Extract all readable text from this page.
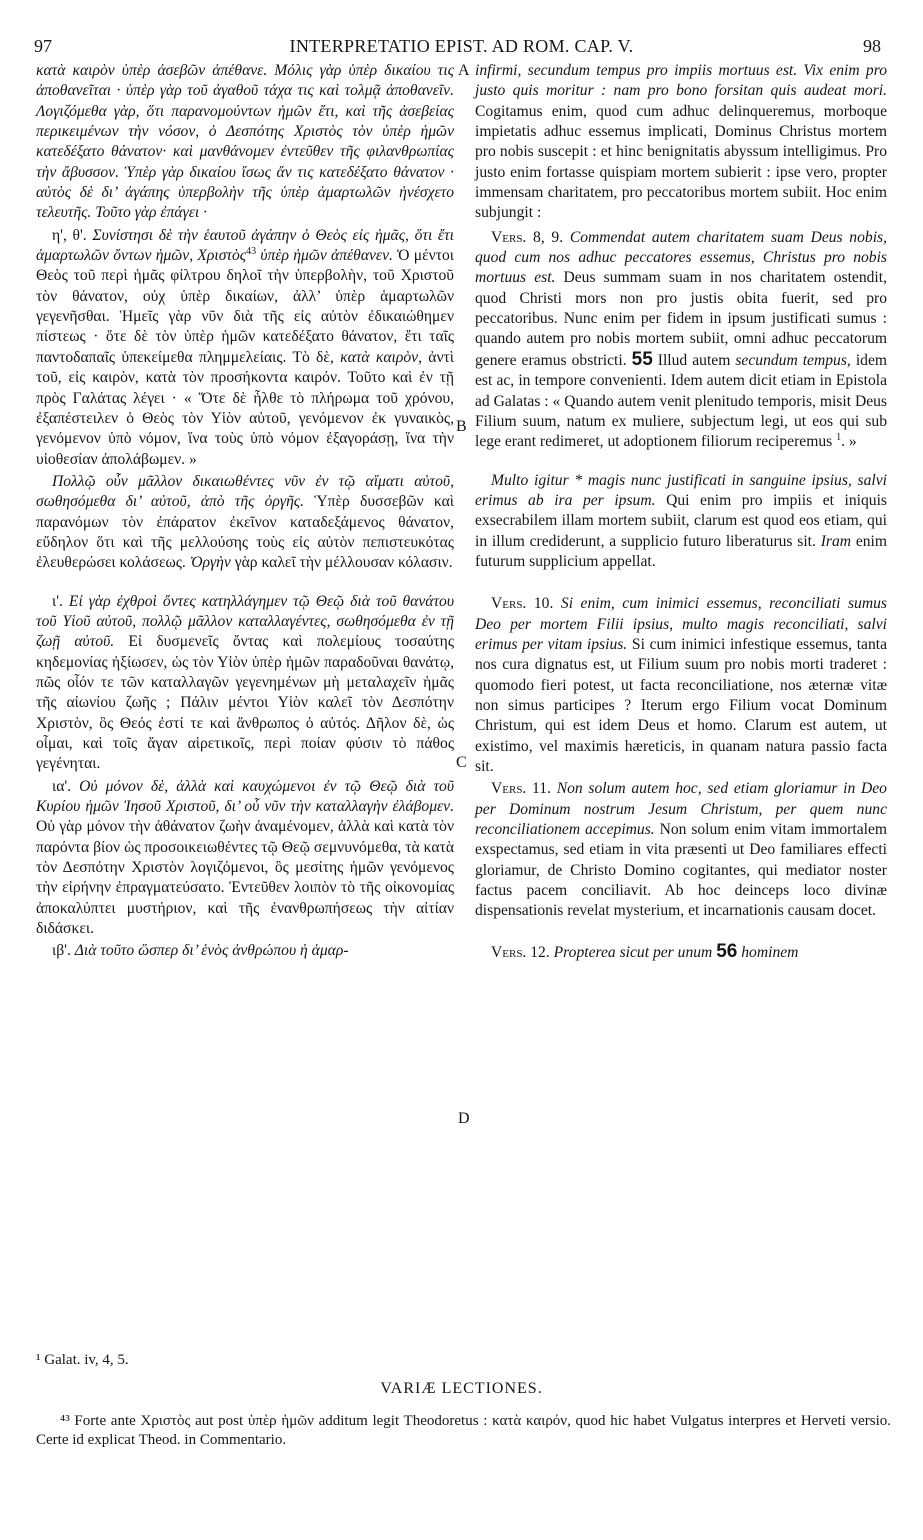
97	INTERPRETATIO EPIST. AD ROM. CAP. V.	98
A
B
C
D

κατὰ καιρὸν ὑπὲρ ἀσεβῶν ἀπέθανε. Μόλις γὰρ ὑπὲρ δικαίου τις ἀποθανεῖται · ὑπὲρ γὰρ τοῦ ἀγαθοῦ τάχα τις καὶ τολμᾷ ἀποθανεῖν. Λογιζόμεθα γὰρ, ὅτι παρανομούντων ἡμῶν ἔτι, καὶ τῆς ἀσεβείας περικειμένων τὴν νόσον, ὁ Δεσπότης Χριστὸς τὸν ὑπὲρ ἡμῶν κατεδέξατο θάνατον· καὶ μανθάνομεν ἐντεῦθεν τῆς φιλανθρωπίας τὴν ἄβυσσον. Ὑπὲρ γὰρ δικαίου ἴσως ἄν τις κατεδέξατο θάνατον · αὐτὸς δὲ δι’ ἀγάπης ὑπερβολὴν τῆς ὑπὲρ ἁμαρτωλῶν ἠνέσχετο τελευτῆς. Τοῦτο γὰρ ἐπάγει ·

η', θ'. Συνίστησι δὲ τὴν ἑαυτοῦ ἀγάπην ὁ Θεὸς εἰς ἡμᾶς, ὅτι ἔτι ἁμαρτωλῶν ὄντων ἡμῶν, Χριστὸς$^{43}$ ὑπὲρ ἡμῶν ἀπέθανεν. Ὁ μέντοι Θεὸς τοῦ περὶ ἡμᾶς φίλτρου δηλοῖ τὴν ὑπερβολὴν, τοῦ Χριστοῦ τὸν θάνατον, οὐχ ὑπὲρ δικαίων, ἀλλ’ ὑπὲρ ἁμαρτωλῶν γεγενῆσθαι. Ἡμεῖς γὰρ νῦν διὰ τῆς εἰς αὐτὸν ἐδικαιώθημεν πίστεως · ὅτε δὲ τὸν ὑπὲρ ἡμῶν κατεδέξατο θάνατον, ἔτι ταῖς παντοδαπαῖς ὑπεκείμεθα πλημμελείαις. Τὸ δὲ, κατὰ καιρὸν, ἀντὶ τοῦ, εἰς καιρὸν, κατὰ τὸν προσήκοντα καιρόν. Τοῦτο καὶ ἐν τῇ πρὸς Γαλάτας λέγει · « Ὅτε δὲ ἦλθε τὸ πλήρωμα τοῦ χρόνου, ἐξαπέστειλεν ὁ Θεὸς τὸν Υἱὸν αὐτοῦ, γενόμενον ἐκ γυναικὸς, γενόμενον ὑπὸ νόμον, ἵνα τοὺς ὑπὸ νόμον ἐξαγοράσῃ, ἵνα τὴν υἱοθεσίαν ἀπολάβωμεν. »

Πολλῷ οὖν μᾶλλον δικαιωθέντες νῦν ἐν τῷ αἵματι αὐτοῦ, σωθησόμεθα δι’ αὐτοῦ, ἀπὸ τῆς ὀργῆς. Ὑπὲρ δυσσεβῶν καὶ παρανόμων τὸν ἐπάρατον ἐκεῖνον καταδεξάμενος θάνατον, εὔδηλον ὅτι καὶ τῆς μελλούσης τοὺς εἰς αὐτὸν πεπιστευκότας ἐλευθερώσει κολάσεως. Ὀργὴν γὰρ καλεῖ τὴν μέλλουσαν κόλασιν.

ι'. Εἰ γὰρ ἐχθροὶ ὄντες κατηλλάγημεν τῷ Θεῷ διὰ τοῦ θανάτου τοῦ Υἱοῦ αὐτοῦ, πολλῷ μᾶλλον καταλλαγέντες, σωθησόμεθα ἐν τῇ ζωῇ αὐτοῦ. Εἰ δυσμενεῖς ὄντας καὶ πολεμίους τοσαύτης κηδεμονίας ἠξίωσεν, ὡς τὸν Υἱὸν ὑπὲρ ἡμῶν παραδοῦναι θανάτῳ, πῶς οἷόν τε τῶν καταλλαγῶν γεγενημένων μὴ μεταλαχεῖν ἡμᾶς τῆς αἰωνίου ζωῆς ; Πάλιν μέντοι Υἱὸν καλεῖ τὸν Δεσπότην Χριστὸν, ὃς Θεός ἐστί τε καὶ ἄνθρωπος ὁ αὐτός. Δῆλον δὲ, ὡς οἶμαι, καὶ τοῖς ἄγαν αἱρετικοῖς, περὶ ποίαν φύσιν τὸ πάθος γεγένηται.

ια'. Οὐ μόνον δὲ, ἀλλὰ καὶ καυχώμενοι ἐν τῷ Θεῷ διὰ τοῦ Κυρίου ἡμῶν Ἰησοῦ Χριστοῦ, δι’ οὗ νῦν τὴν καταλλαγὴν ἐλάβομεν. Οὐ γὰρ μόνον τὴν ἀθάνατον ζωὴν ἀναμένομεν, ἀλλὰ καὶ κατὰ τὸν παρόντα βίον ὡς προσοικειωθέντες τῷ Θεῷ σεμνυνόμεθα, τὰ κατὰ τὸν Δεσπότην Χριστὸν λογιζόμενοι, ὃς μεσίτης ἡμῶν γενόμενος τὴν εἰρήνην ἐπραγματεύσατο. Ἐντεῦθεν λοιπὸν τὸ τῆς οἰκονομίας ἀποκαλύπτει μυστήριον, καὶ τῆς ἐνανθρωπήσεως τὴν αἰτίαν διδάσκει.

ιβ'. Διὰ τοῦτο ὥσπερ δι’ ἑνὸς ἀνθρώπου ἡ ἁμαρ-

infirmi, secundum tempus pro impiis mortuus est. Vix enim pro justo quis moritur : nam pro bono forsitan quis audeat mori. Cogitamus enim, quod cum adhuc delinqueremus, morboque impietatis adhuc essemus implicati, Dominus Christus mortem pro nobis suscepit : et hinc benignitatis abyssum intelligimus. Pro justo enim fortasse quispiam mortem subierit : ipse vero, propter immensam charitatem, pro peccatoribus mortem subiit. Hoc enim subjungit :

Vers. 8, 9. Commendat autem charitatem suam Deus nobis, quod cum nos adhuc peccatores essemus, Christus pro nobis mortuus est. Deus summam suam in nos charitatem ostendit, quod Christi mors non pro justis obita fuerit, sed pro peccatoribus. Nunc enim per fidem in ipsum justificati sumus : quando autem pro nobis mortem subiit, omni adhuc peccatorum genere eramus obstricti. 55 Illud autem secundum tempus, idem est ac, in tempore convenienti. Idem autem dicit etiam in Epistola ad Galatas : « Quando autem venit plenitudo temporis, misit Deus Filium suum, natum ex muliere, subjectum legi, ut eos qui sub lege erant redimeret, ut adoptionem filiorum reciperemus $^1$. »

Multo igitur * magis nunc justificati in sanguine ipsius, salvi erimus ab ira per ipsum. Qui enim pro impiis et iniquis exsecrabilem illam mortem subiit, clarum est quod eos etiam, qui in illum crediderunt, a supplicio futuro liberaturus sit. Iram enim futurum supplicium appellat.

Vers. 10. Si enim, cum inimici essemus, reconciliati sumus Deo per mortem Filii ipsius, multo magis reconciliati, salvi erimus per vitam ipsius. Si cum inimici infestique essemus, tanta nos cura dignatus est, ut Filium suum pro nobis morti traderet : quomodo fieri potest, ut facta reconciliatione, nos æternæ vitæ non simus participes ? Iterum ergo Filium vocat Dominum Christum, qui est idem Deus et homo. Clarum est autem, ut existimo, vel maximis hæreticis, in quanam natura passio facta sit.

Vers. 11. Non solum autem hoc, sed etiam gloriamur in Deo per Dominum nostrum Jesum Christum, per quem nunc reconciliationem accepimus. Non solum enim vitam immortalem exspectamus, sed etiam in vita præsenti ut Deo familiares effecti gloriamur, de Christo Domino cogitantes, qui mediator noster factus pacem conciliavit. Ab hoc deinceps loco divinæ dispensationis revelat mysterium, et incarnationis causam docet.

Vers. 12. Propterea sicut per unum 56 hominem

¹ Galat. iv, 4, 5.
VARIÆ LECTIONES.
⁴³ Forte ante Χριστὸς aut post ὑπὲρ ἡμῶν additum legit Theodoretus : κατὰ καιρόν, quod hic habet Vulgatus interpres et Herveti versio. Certe id explicat Theod. in Commentario.
